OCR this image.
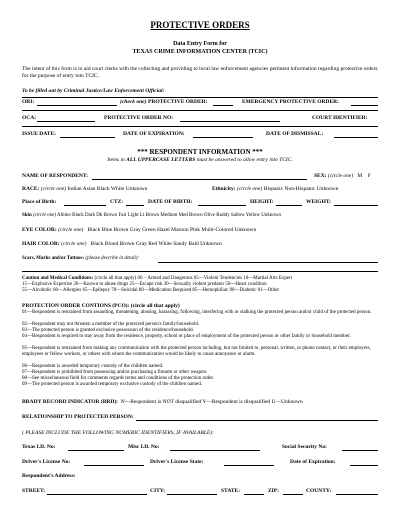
PROTECTIVE ORDERS
Data Entry Form for
TEXAS CRIME INFORMATION CENTER (TCIC)
The intent of this form is to aid court clerks with the collecting and providing to local law enforcement agencies pertinent information regarding protective orders for the purpose of entry into TCIC.
To be filled out by Criminal Justice/Law Enforcement Official:
ORI:	(check one) PROTECTIVE ORDER:	EMERGENCY PROTECTIVE ORDER:
OCA:	PROTECTIVE ORDER NO:	COURT IDENTIFIER:
ISSUE DATE:	DATE OF EXPIRATION:	DATE OF DISMISSAL:
*** RESPONDENT INFORMATION ***
Items in ALL UPPERCASE LETTERS must be answered to allow entry into TCIC.
NAME OF RESPONDENT:	SEX: (circle one) M F
RACE: (circle one) Indian Asian Black White Unknown	Ethnicity: (circle one) Hispanic Non-Hispanic Unknown
Place of Birth:	CTZ:	DATE OF BIRTH:	HEIGHT:	WEIGHT:
Skin (circle one) Albino Black Dark Dk Brown Fair Light Lt Brown Medium Med Brown Olive Ruddy Sallow Yellow Unknown
EYE COLOR: (circle one) Black Blue Brown Gray Green Hazel Maroon Pink Multi-Colored Unknown
HAIR COLOR: (circle one) Black Blond Brown Gray Red White Sandy Bald Unknown
Scars, Marks and/or Tattoos: (please describe in detail):
Caution and Medical Conditions: (circle all that apply) 00 – Armed and Dangerous 05—Violent Tendencies 10—Martial Arts Expert
15—Explosive Expertise 20—Known to abuse drugs 25—Escape risk 30—Sexually violent predator 50—Heart condition
55—Alcoholic 60—Allergies 65—Epilepsy 70—Suicidal 80—Medication Required 85—Hemophiliac 90—Diabetic 01—Other
PROTECTION ORDER CONTIONS (PCO): (circle all that apply)
01—Respondent is restrained from assaulting, threatening, abusing, harassing, following, interfering with or stalking the protected person and/or child of the protected person.
02—Respondent may not threaten a member of the protected person's family/household.
03—The protected person is granted exclusive possession of the residence/household.
04—Respondent is required to stay away from the residence, property, school or place of employment of the protected person or other family or household member.
05—Respondent is restrained from making any communication with the protected person including, but not limited to, personal, written, or phone contact, or their employers, employees or fellow workers, or others with whom the communication would be likely to cause annoyance or alarm.
06—Respondent is awarded temporary custody of the children named.
07—Respondent is prohibited from possessing and/or purchasing a firearm or other weapon.
08—See miscellaneous field for comments regards terms and conditions of the protection order.
09—The protected person is awarded temporary exclusive custody of the children named.
BRADY RECORD INDICATOR (BRD): N—Respondent is NOT disqualified Y—Respondent is disqualified U—Unknown
RELATIONSHIP TO PROTECTED PERSON:
( PLEASE INCLUDE THE FOLLOWING NUMERIC IDENTIFIERS, IF AVAILABLE):
Texas I.D. No:	Misc I.D. No:	Social Security No:
Driver's License No:	Driver's License State:	Date of Expiration:
Respondent's Address:
STREET:	CITY:	STATE:	ZIP:	COUNTY:
